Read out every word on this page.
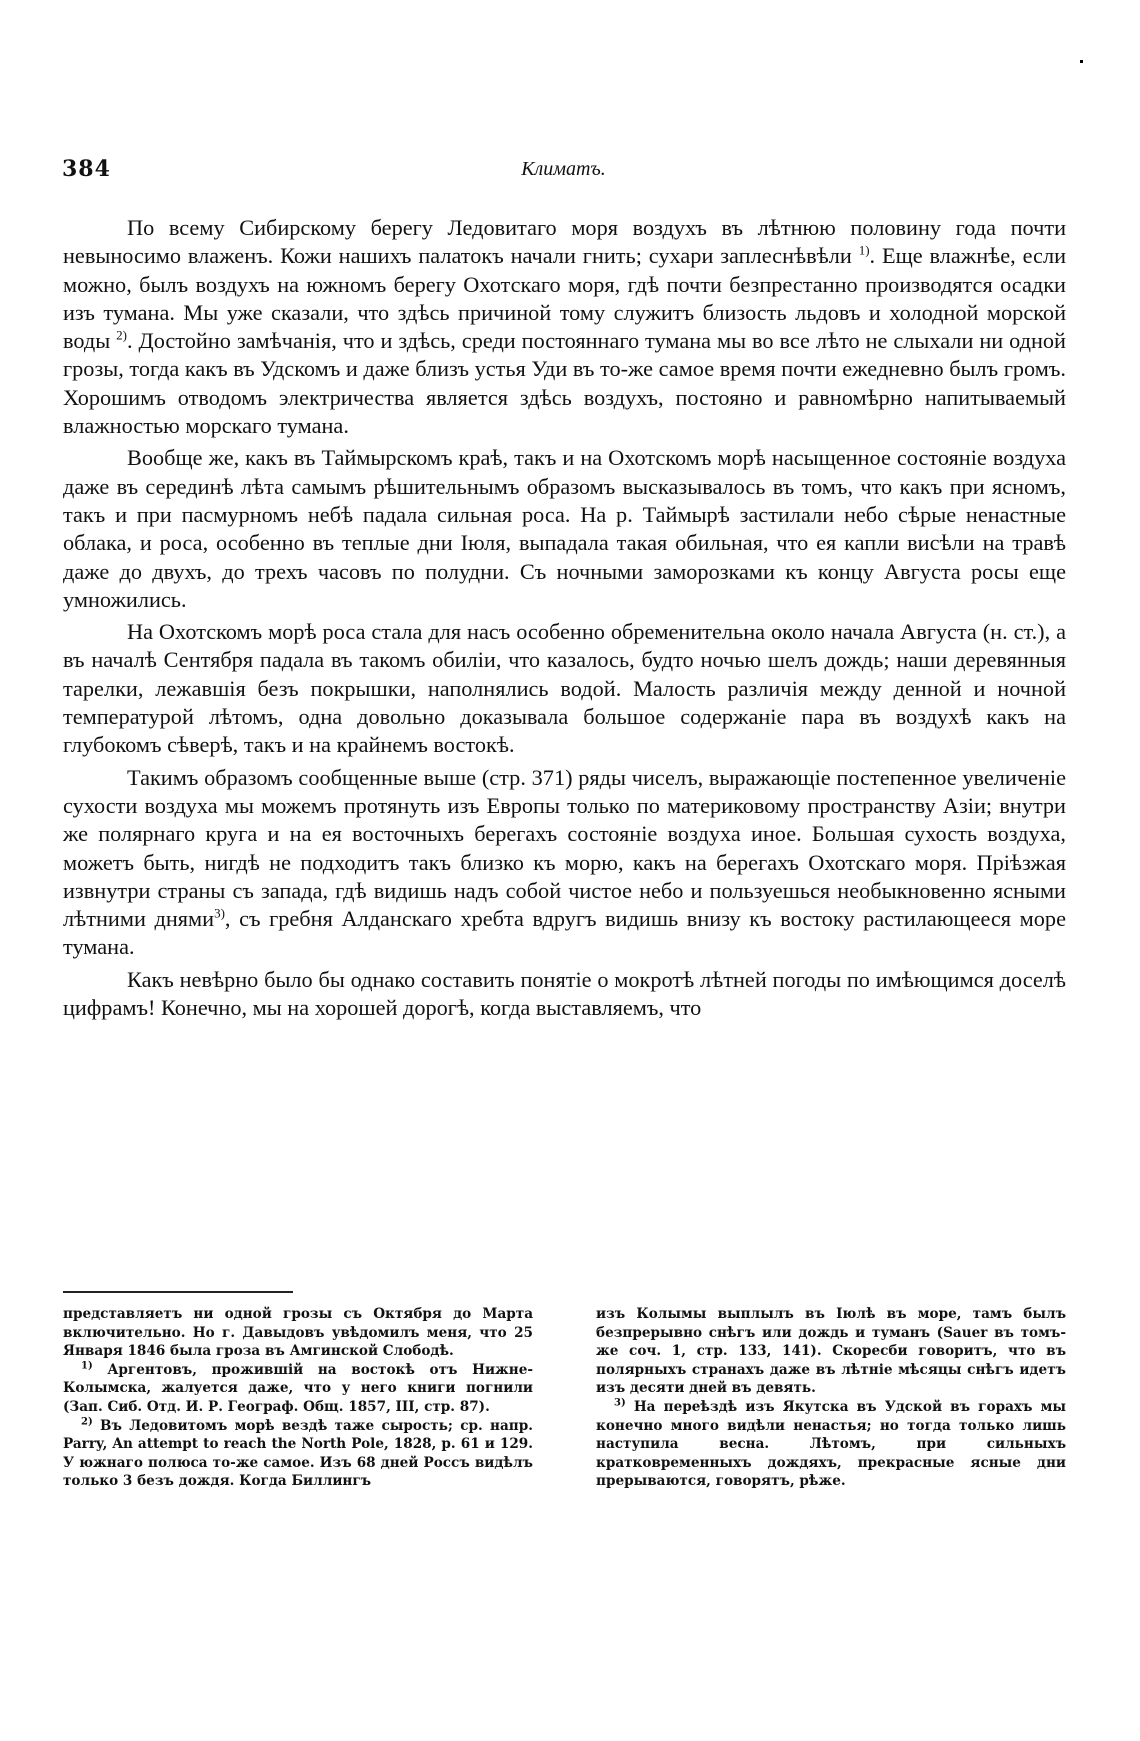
384	Климатъ.

По всему Сибирскому берегу Ледовитаго моря воздухъ въ лѣтнюю половину года почти невыносимо влаженъ. Кожи нашихъ палатокъ начали гнить; сухари заплеснѣвѣли $^{1)}$. Еще влажнѣе, если можно, былъ воздухъ на южномъ берегу Охотскаго моря, гдѣ почти безпрестанно производятся осадки изъ тумана. Мы уже сказали, что здѣсь причиной тому служитъ близость льдовъ и холодной морской воды $^{2)}$. Достойно замѣчанія, что и здѣсь, среди постояннаго тумана мы во все лѣто не слыхали ни одной грозы, тогда какъ въ Удскомъ и даже близъ устья Уди въ то-же самое время почти ежедневно былъ громъ. Хорошимъ отводомъ электричества является здѣсь воздухъ, постояно и равномѣрно напитываемый влажностью морскаго тумана.

Вообще же, какъ въ Таймырскомъ краѣ, такъ и на Охотскомъ морѣ насыщенное состояніе воздуха даже въ серединѣ лѣта самымъ рѣшительнымъ образомъ высказывалось въ томъ, что какъ при ясномъ, такъ и при пасмурномъ небѣ падала сильная роса. На р. Таймырѣ застилали небо сѣрые ненастные облака, и роса, особенно въ теплые дни Іюля, выпадала такая обильная, что ея капли висѣли на травѣ даже до двухъ, до трехъ часовъ по полудни. Съ ночными заморозками къ концу Августа росы еще умножились.

На Охотскомъ морѣ роса стала для насъ особенно обременительна около начала Августа (н. ст.), а въ началѣ Сентября падала въ такомъ обиліи, что казалось, будто ночью шелъ дождь; наши деревянныя тарелки, лежавшія безъ покрышки, наполнялись водой. Малость различія между денной и ночной температурой лѣтомъ, одна довольно доказывала большое содержаніе пара въ воздухѣ какъ на глубокомъ сѣверѣ, такъ и на крайнемъ востокѣ.

Такимъ образомъ сообщенные выше (стр. 371) ряды чиселъ, выражающіе постепенное увеличеніе сухости воздуха мы можемъ протянуть изъ Европы только по материковому пространству Азіи; внутри же полярнаго круга и на ея восточныхъ берегахъ состояніе воздуха иное. Большая сухость воздуха, можетъ быть, нигдѣ не подходитъ такъ близко къ морю, какъ на берегахъ Охотскаго моря. Пріѣзжая извнутри страны съ запада, гдѣ видишь надъ собой чистое небо и пользуешься необыкновенно ясными лѣтними днями$^{3)}$, съ гребня Алданскаго хребта вдругъ видишь внизу къ востоку растилающееся море тумана.

Какъ невѣрно было бы однако составить понятіе о мокротѣ лѣтней погоды по имѣющимся доселѣ цифрамъ! Конечно, мы на хорошей дорогѣ, когда выставляемъ, что

представляетъ ни одной грозы съ Октября до Марта включительно. Но г. Давыдовъ увѣдомилъ меня, что 25 Января 1846 была гроза въ Амгинской Слободѣ.

$^{1)}$ Аргентовъ, прожившій на востокѣ отъ Нижне-Колымска, жалуется даже, что у него книги погнили (Зап. Сиб. Отд. И. Р. Географ. Общ. 1857, III, стр. 87).

$^{2)}$ Въ Ледовитомъ морѣ вездѣ таже сырость; ср. напр. Parry, An attempt to reach the North Pole, 1828, p. 61 и 129. У южнаго полюса то-же самое. Изъ 68 дней Россъ видѣлъ только 3 безъ дождя. Когда Биллингъ

изъ Колымы выплылъ въ Іюлѣ въ море, тамъ былъ безпрерывно снѣгъ или дождь и туманъ (Sauer въ томъ-же соч. 1, стр. 133, 141). Скоресби говоритъ, что въ полярныхъ странахъ даже въ лѣтніе мѣсяцы снѣгъ идетъ изъ десяти дней въ девять.

$^{3)}$ На переѣздѣ изъ Якутска въ Удской въ горахъ мы конечно много видѣли ненастья; но тогда только лишь наступила весна. Лѣтомъ, при сильныхъ кратковременныхъ дождяхъ, прекрасные ясные дни прерываются, говорятъ, рѣже.
